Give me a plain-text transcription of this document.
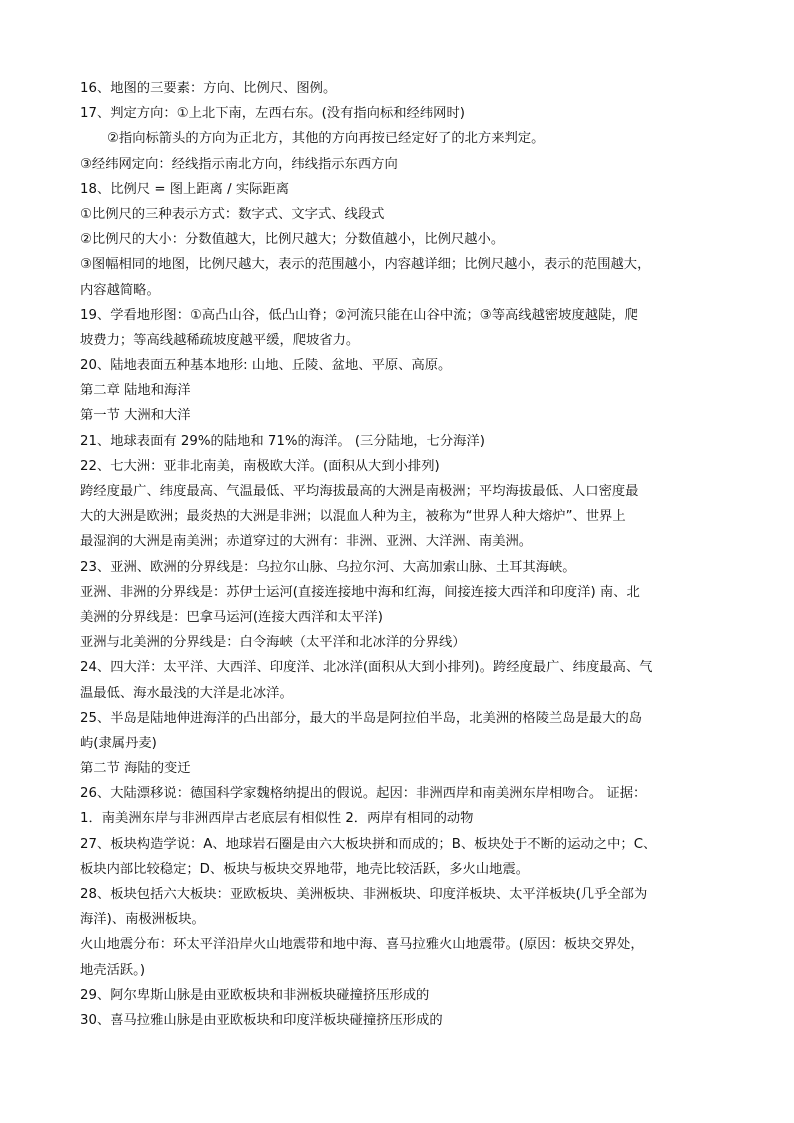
16、地图的三要素：方向、比例尺、图例。
17、判定方向：①上北下南，左西右东。(没有指向标和经纬网时)
②指向标箭头的方向为正北方，其他的方向再按已经定好了的北方来判定。
③经纬网定向：经线指示南北方向，纬线指示东西方向
18、比例尺 = 图上距离 / 实际距离
①比例尺的三种表示方式：数字式、文字式、线段式
②比例尺的大小：分数值越大，比例尺越大；分数值越小，比例尺越小。
③图幅相同的地图，比例尺越大，表示的范围越小，内容越详细；比例尺越小，表示的范围越大，
内容越简略。
19、学看地形图：①高凸山谷，低凸山脊；②河流只能在山谷中流；③等高线越密坡度越陡，爬
坡费力；等高线越稀疏坡度越平缓，爬坡省力。
20、陆地表面五种基本地形: 山地、丘陵、盆地、平原、高原。
第二章 陆地和海洋
第一节 大洲和大洋
21、地球表面有 29%的陆地和 71%的海洋。 (三分陆地，七分海洋)
22、七大洲：亚非北南美，南极欧大洋。(面积从大到小排列)
跨经度最广、纬度最高、气温最低、平均海拔最高的大洲是南极洲；平均海拔最低、人口密度最
大的大洲是欧洲；最炎热的大洲是非洲；以混血人种为主，被称为“世界人种大熔炉”、世界上
最湿润的大洲是南美洲；赤道穿过的大洲有：非洲、亚洲、大洋洲、南美洲。
23、亚洲、欧洲的分界线是：乌拉尔山脉、乌拉尔河、大高加索山脉、土耳其海峡。
亚洲、非洲的分界线是：苏伊士运河(直接连接地中海和红海，间接连接大西洋和印度洋) 南、北
美洲的分界线是：巴拿马运河(连接大西洋和太平洋)
亚洲与北美洲的分界线是：白令海峡（太平洋和北冰洋的分界线）
24、四大洋：太平洋、大西洋、印度洋、北冰洋(面积从大到小排列)。跨经度最广、纬度最高、气
温最低、海水最浅的大洋是北冰洋。
25、半岛是陆地伸进海洋的凸出部分，最大的半岛是阿拉伯半岛，北美洲的格陵兰岛是最大的岛
屿(隶属丹麦)
第二节 海陆的变迁
26、大陆漂移说：德国科学家魏格纳提出的假说。起因：非洲西岸和南美洲东岸相吻合。 证据：
1．南美洲东岸与非洲西岸古老底层有相似性 2．两岸有相同的动物
27、板块构造学说：A、地球岩石圈是由六大板块拼和而成的；B、板块处于不断的运动之中；C、
板块内部比较稳定；D、板块与板块交界地带，地壳比较活跃，多火山地震。
28、板块包括六大板块：亚欧板块、美洲板块、非洲板块、印度洋板块、太平洋板块(几乎全部为
海洋)、南极洲板块。
火山地震分布：环太平洋沿岸火山地震带和地中海、喜马拉雅火山地震带。(原因：板块交界处，
地壳活跃。)
29、阿尔卑斯山脉是由亚欧板块和非洲板块碰撞挤压形成的
30、喜马拉雅山脉是由亚欧板块和印度洋板块碰撞挤压形成的
